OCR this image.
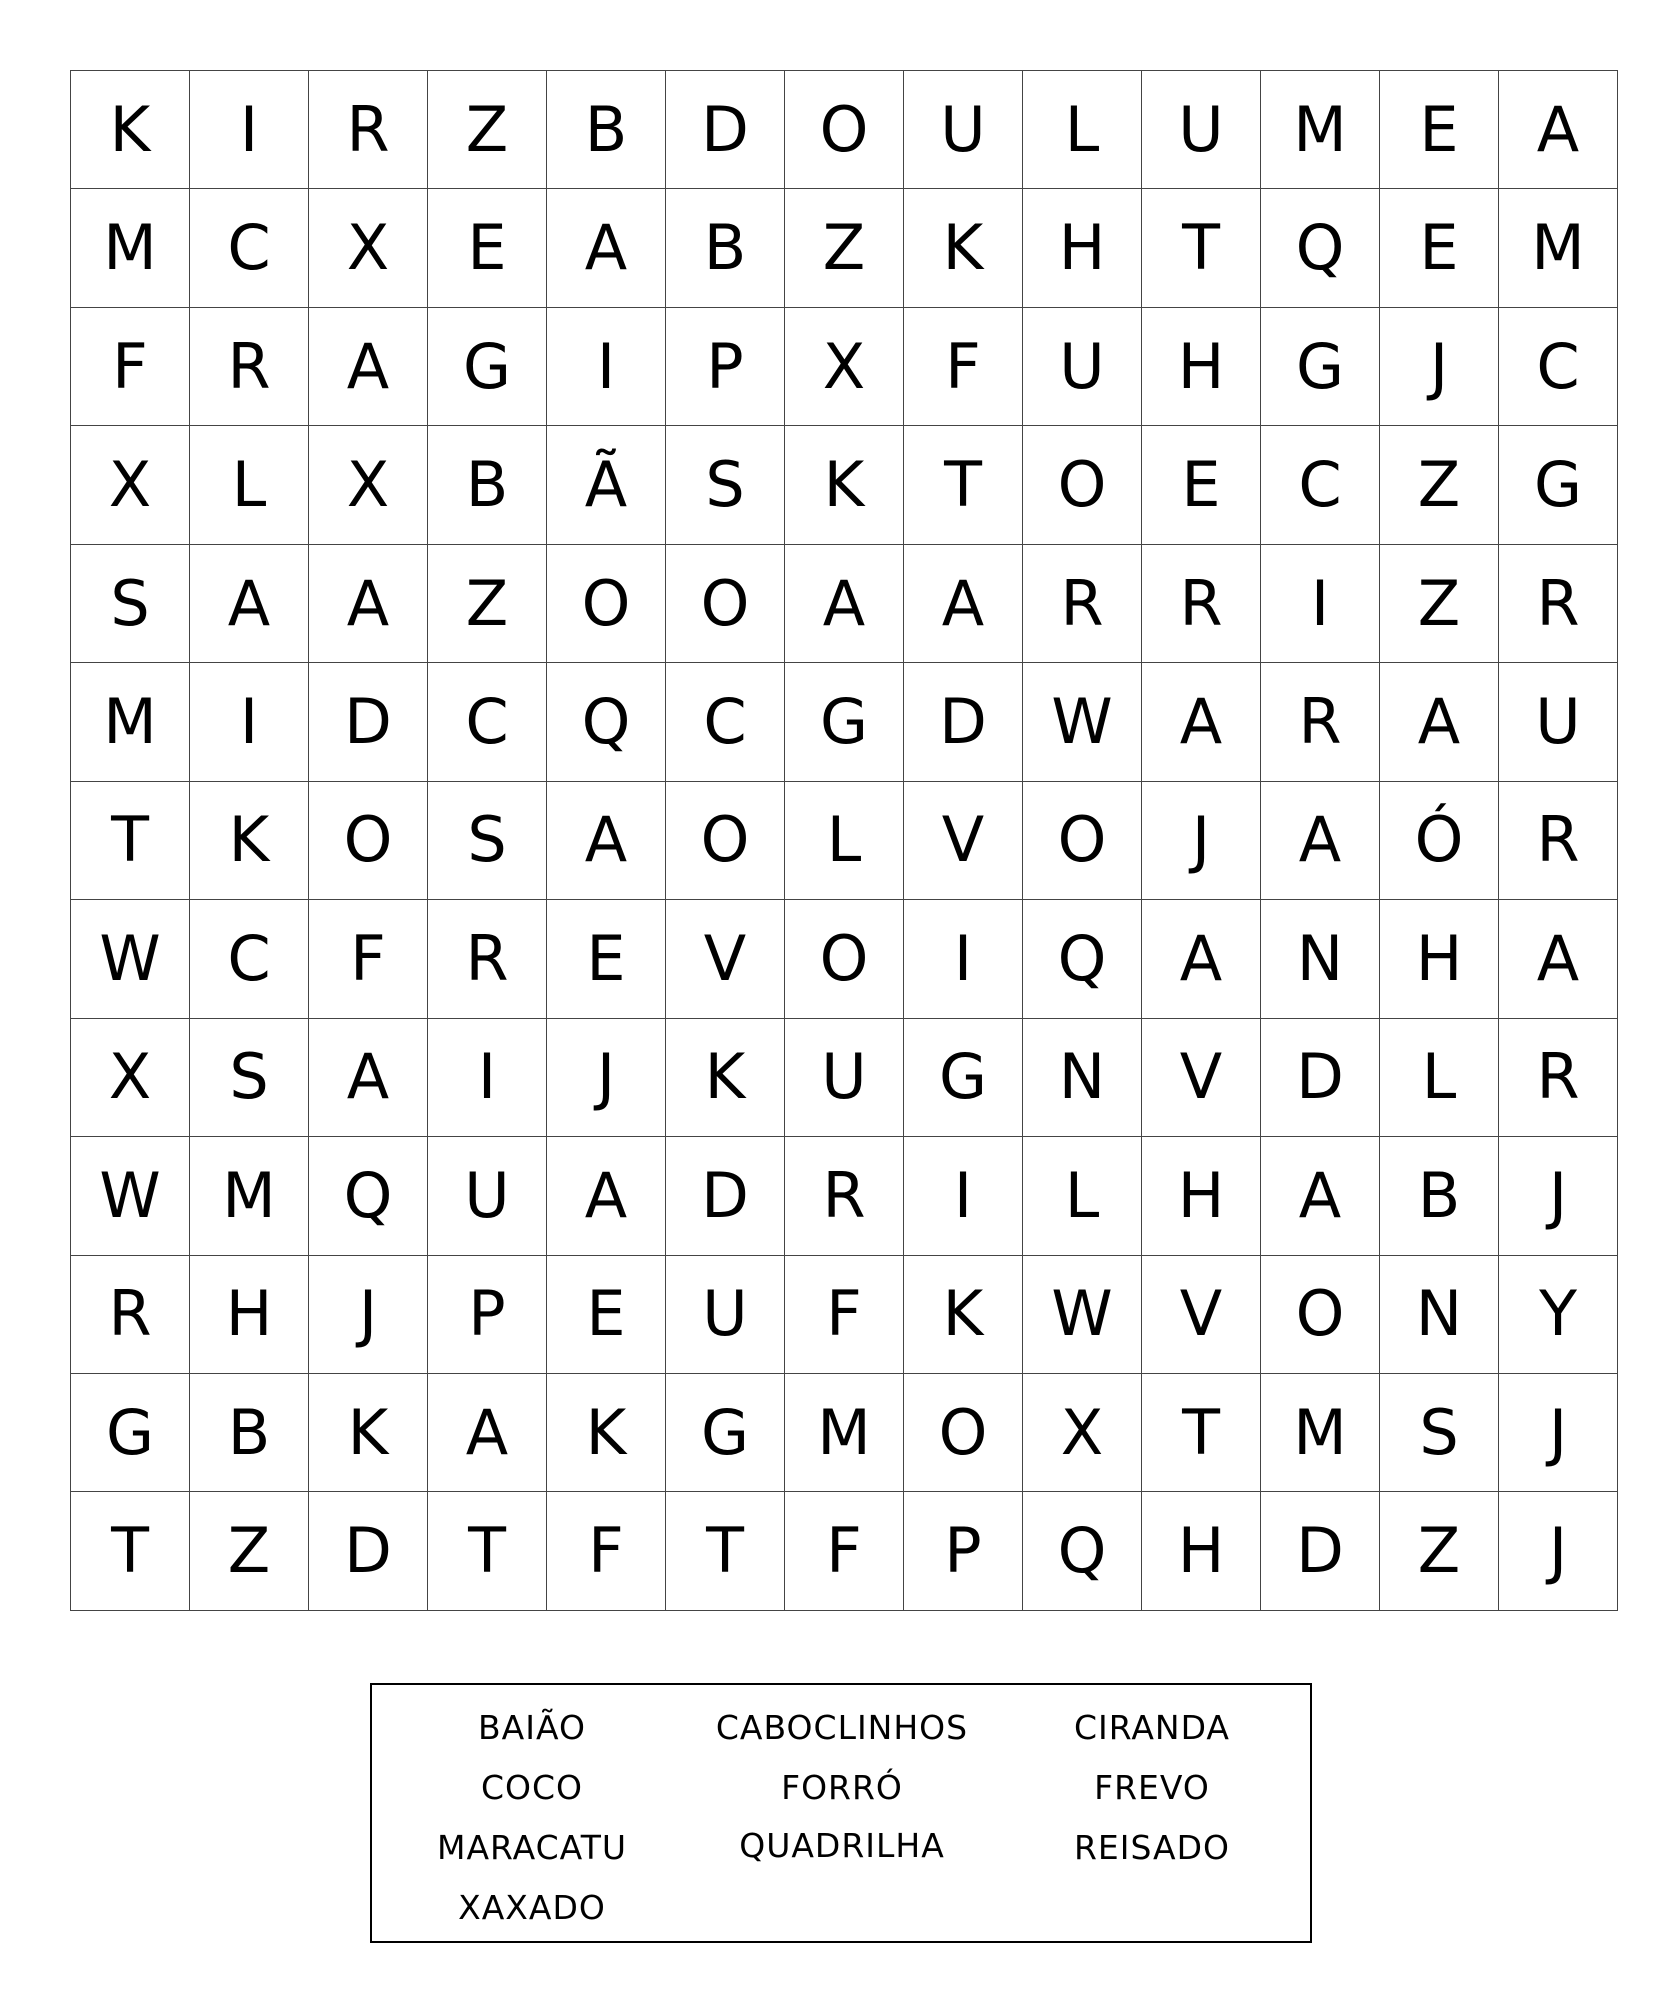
K	I	R	Z	B	D	O	U	L	U	M	E	A
M	C	X	E	A	B	Z	K	H	T	Q	E	M
F	R	A	G	I	P	X	F	U	H	G	J	C
X	L	X	B	Ã	S	K	T	O	E	C	Z	G
S	A	A	Z	O	O	A	A	R	R	I	Z	R
M	I	D	C	Q	C	G	D	W	A	R	A	U
T	K	O	S	A	O	L	V	O	J	A	Ó	R
W	C	F	R	E	V	O	I	Q	A	N	H	A
X	S	A	I	J	K	U	G	N	V	D	L	R
W	M	Q	U	A	D	R	I	L	H	A	B	J
R	H	J	P	E	U	F	K	W	V	O	N	Y
G	B	K	A	K	G	M	O	X	T	M	S	J
T	Z	D	T	F	T	F	P	Q	H	D	Z	J
BAIÃO	CABOCLINHOS	CIRANDA
COCO	FORRÓ	FREVO
MARACATU	QUADRILHA	REISADO
XAXADO
